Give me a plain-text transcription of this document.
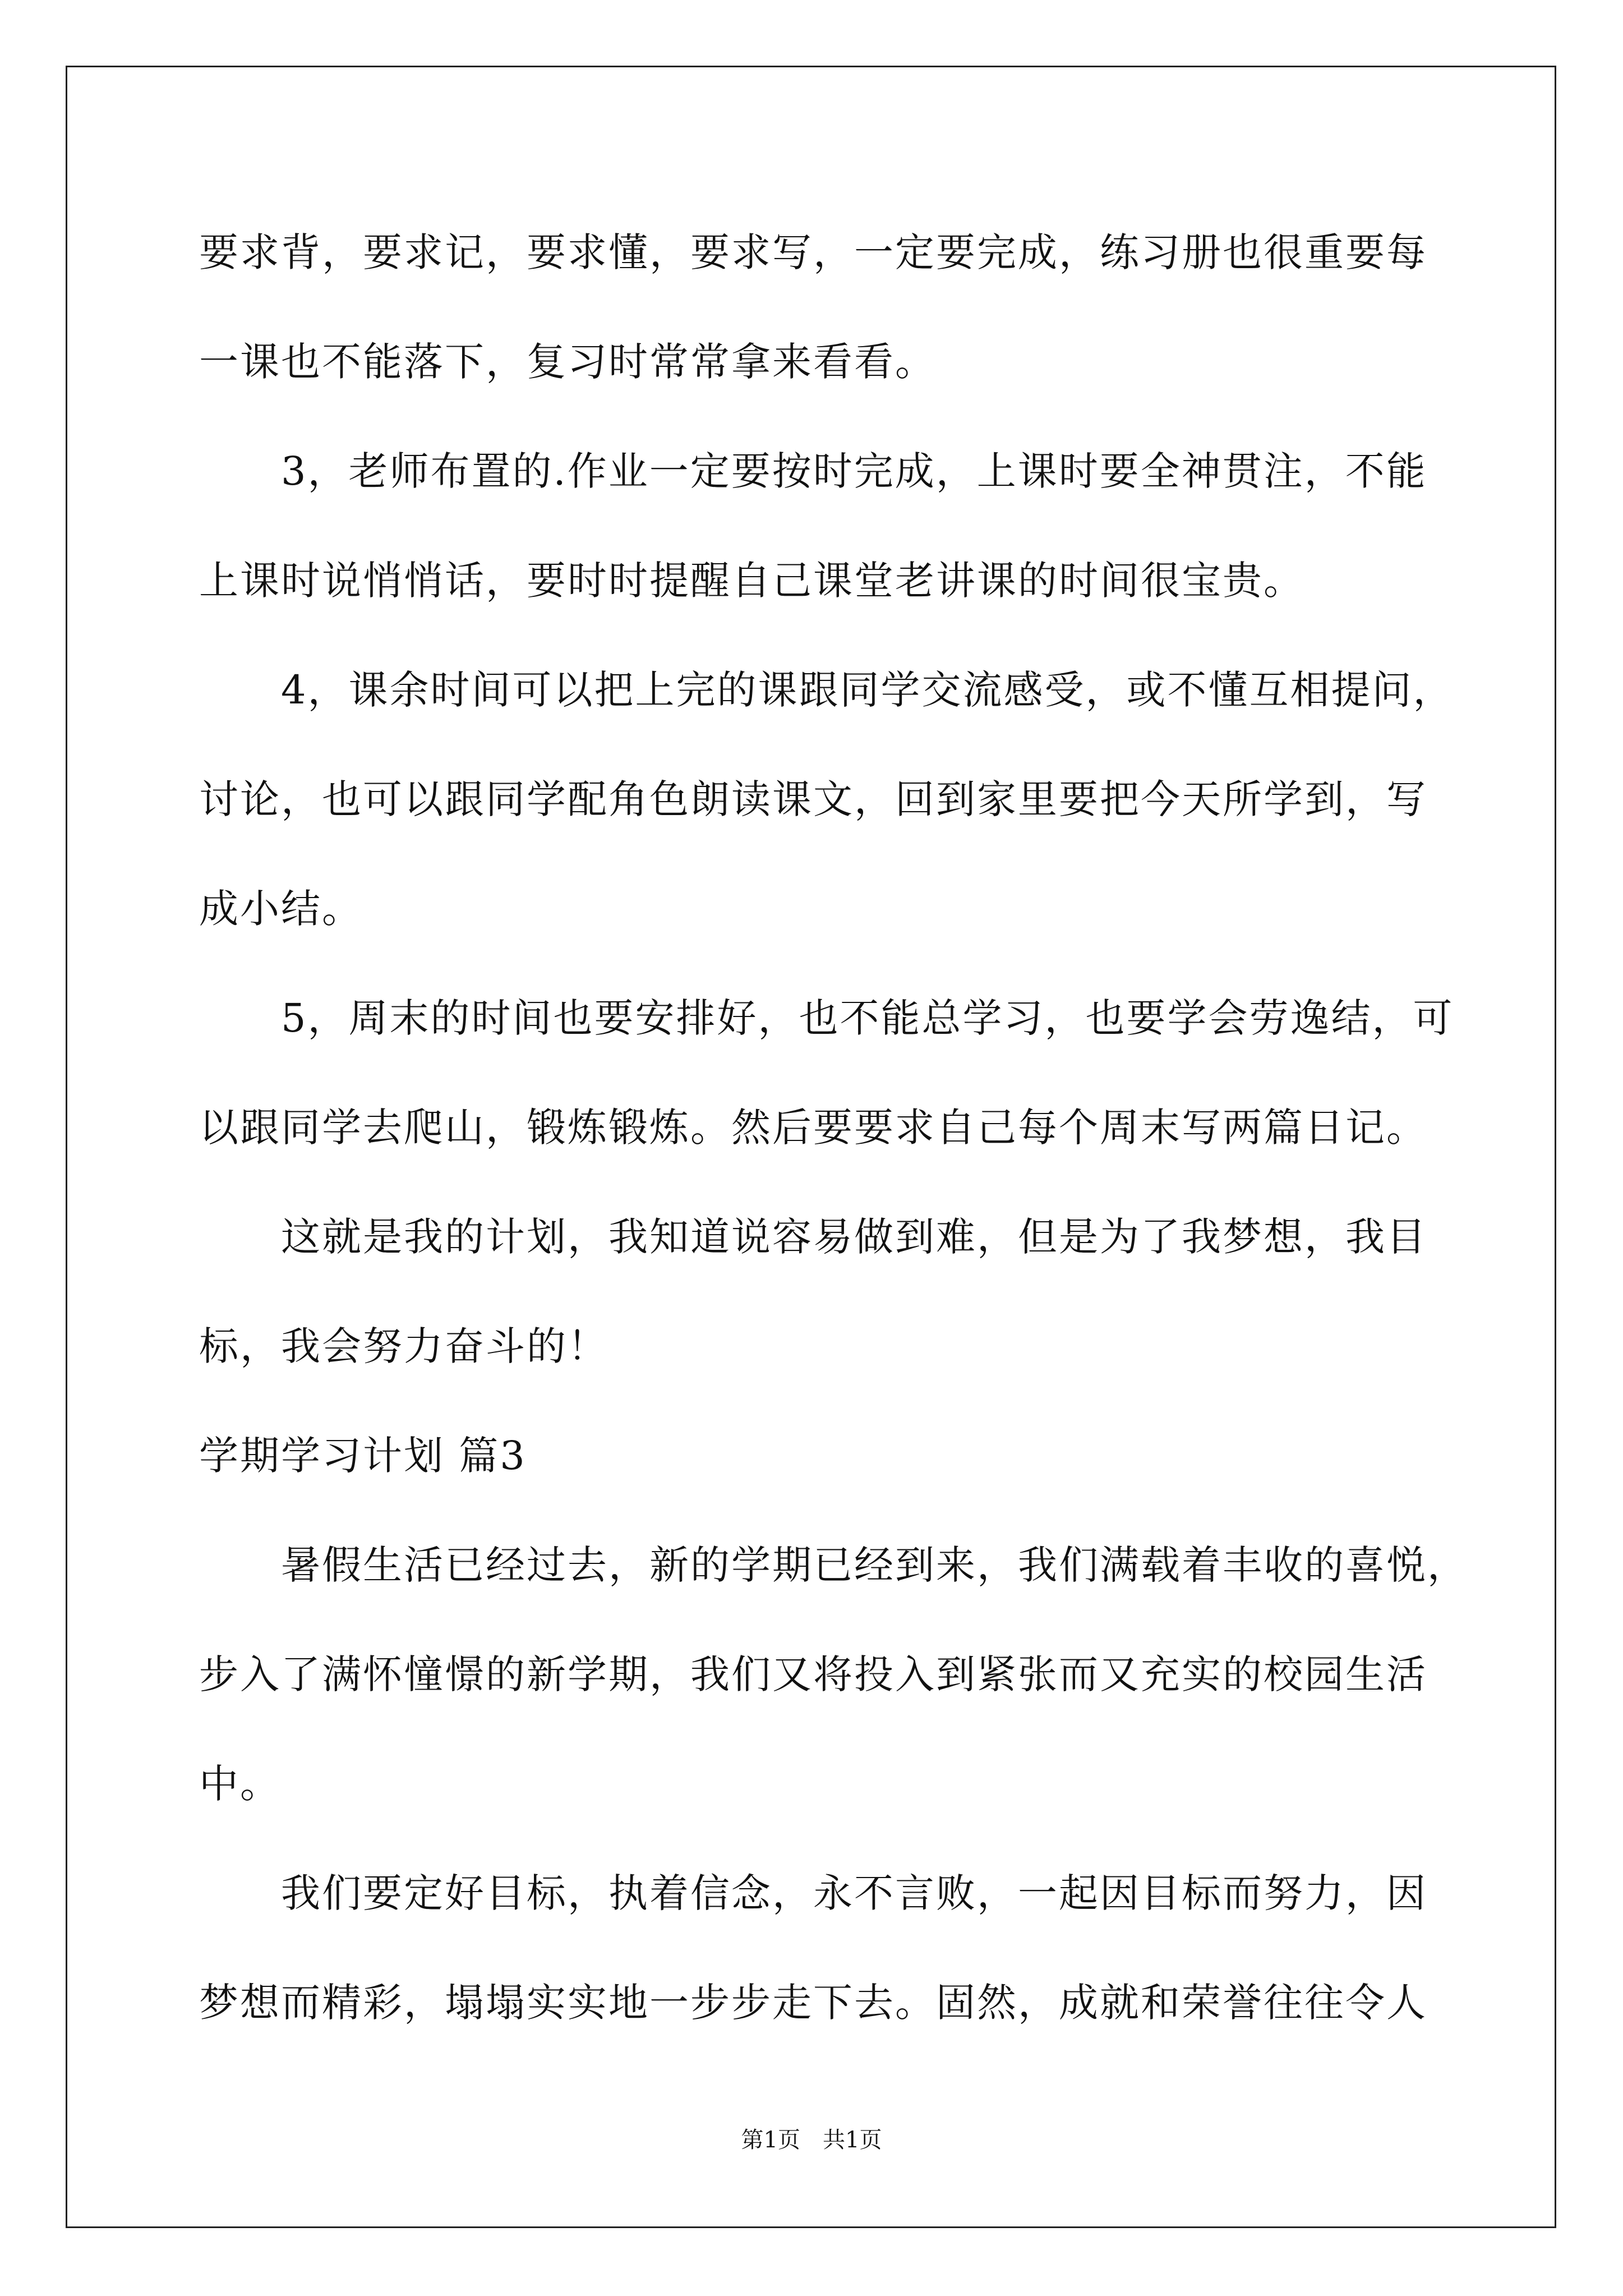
要求背，要求记，要求懂，要求写，一定要完成，练习册也很重要每
一课也不能落下，复习时常常拿来看看。
　　3，老师布置的.作业一定要按时完成，上课时要全神贯注，不能
上课时说悄悄话，要时时提醒自己课堂老讲课的时间很宝贵。
　　4，课余时间可以把上完的课跟同学交流感受，或不懂互相提问，
讨论，也可以跟同学配角色朗读课文，回到家里要把今天所学到，写
成小结。
　　5，周末的时间也要安排好，也不能总学习，也要学会劳逸结，可
以跟同学去爬山，锻炼锻炼。然后要要求自己每个周末写两篇日记。
　　这就是我的计划，我知道说容易做到难，但是为了我梦想，我目
标，我会努力奋斗的！
学期学习计划 篇3
　　暑假生活已经过去，新的学期已经到来，我们满载着丰收的喜悦，
步入了满怀憧憬的新学期，我们又将投入到紧张而又充实的校园生活
中。
　　我们要定好目标，执着信念，永不言败，一起因目标而努力，因
梦想而精彩，塌塌实实地一步步走下去。固然，成就和荣誉往往令人
第1页　共1页
